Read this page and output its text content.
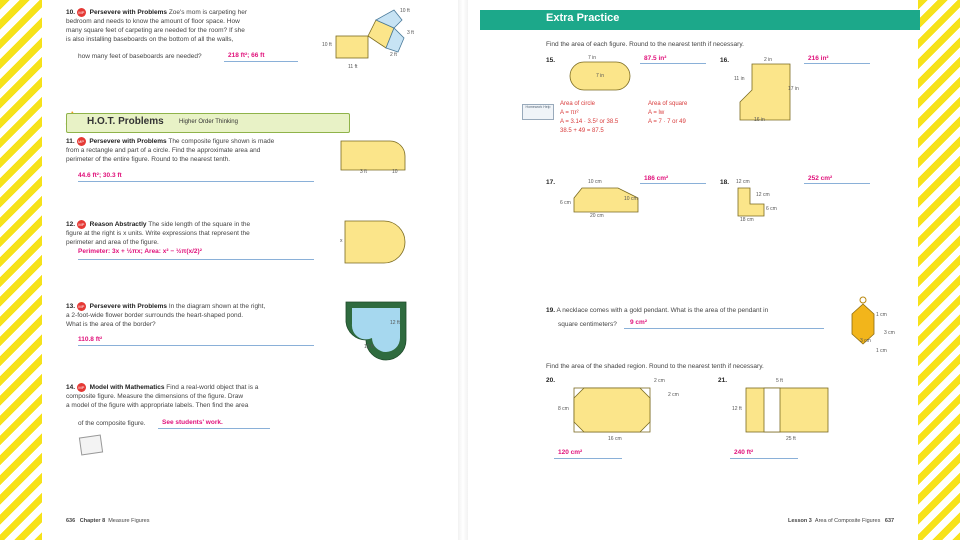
10. MP Persevere with Problems Zoe's mom is carpeting her
bedroom and needs to know the amount of floor space. How
many square feet of carpeting are needed for the room? If she
is also installing baseboards on the bottom of all the walls,
how many feet of baseboards are needed?	218 ft²; 66 ft
10 ft
10 ft
11 ft
3 ft
2 ft
H.O.T. Problems	Higher Order Thinking
11. MP Persevere with Problems The composite figure shown is made
from a rectangle and part of a circle. Find the approximate area and
perimeter of the entire figure. Round to the nearest tenth.
44.6 ft²; 30.3 ft	3 ft	10
12. MP Reason Abstractly The side length of the square in the
figure at the right is x units. Write expressions that represent the
perimeter and area of the figure.
Perimeter: 3x + ½πx; Area: x² − ½π(x/2)²
x
13. MP Persevere with Problems In the diagram shown at the right,
a 2-foot-wide flower border surrounds the heart-shaped pond.
What is the area of the border?
110.8 ft²
12 ft
12 ft
14. MP Model with Mathematics Find a real-world object that is a
composite figure. Measure the dimensions of the figure. Draw
a model of the figure with appropriate labels. Then find the area
of the composite figure.	See students' work.
636 Chapter 8 Measure Figures
Extra Practice
Find the area of each figure. Round to the nearest tenth if necessary.
15.	87.5 in²
7 in
7 in
Area of circle
A = πr²
A = 3.14 · 3.5² or 38.5
38.5 + 49 = 87.5
Area of square
A = lw
A = 7 · 7 or 49
Homework Help
16.	216 in²
2 in
11 in
17 in
16 in
17.
186 cm²
10 cm
6 cm
10 cm
20 cm
18.
252 cm²
12 cm
12 cm
6 cm
18 cm
19. A necklace comes with a gold pendant. What is the area of the pendant in
square centimeters? 9 cm²
1 cm
3 cm
1 cm
3 cm
Find the area of the shaded region. Round to the nearest tenth if necessary.
20.	2 cm
2 cm
8 cm
16 cm
120 cm²
21.	5 ft
12 ft
25 ft
240 ft²
Lesson 3 Area of Composite Figures 637
